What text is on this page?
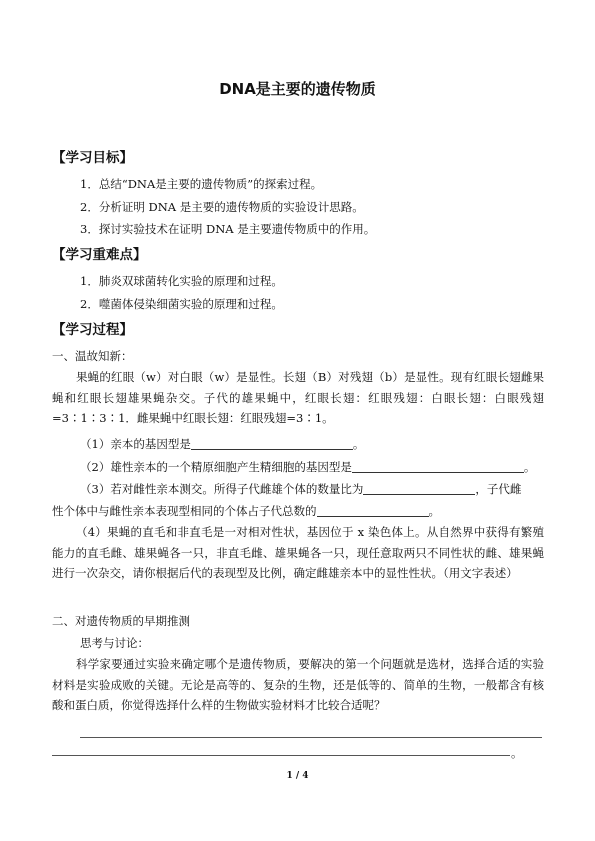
DNA是主要的遗传物质
【学习目标】
1．总结“DNA是主要的遗传物质”的探索过程。
2．分析证明 DNA 是主要的遗传物质的实验设计思路。
3．探讨实验技术在证明 DNA 是主要遗传物质中的作用。
【学习重难点】
1．肺炎双球菌转化实验的原理和过程。
2．噬菌体侵染细菌实验的原理和过程。
【学习过程】
一、温故知新：

果蝇的红眼（w）对白眼（w）是显性。长翅（B）对残翅（b）是显性。现有红眼长翅雌果蝇和红眼长翅雄果蝇杂交。子代的雄果蝇中，红眼长翅：红眼残翅：白眼长翅：白眼残翅=3∶1∶3∶1．雌果蝇中红眼长翅：红眼残翅=3∶1。

（1）亲本的基因型是	。
（2）雄性亲本的一个精原细胞产生精细胞的基因型是	。
（3）若对雌性亲本测交。所得子代雌雄个体的数量比为	，子代雌
性个体中与雌性亲本表现型相同的个体占子代总数的	。

（4）果蝇的直毛和非直毛是一对相对性状，基因位于 x 染色体上。从自然界中获得有繁殖能力的直毛雌、雄果蝇各一只，非直毛雌、雄果蝇各一只，现任意取两只不同性状的雌、雄果蝇进行一次杂交，请你根据后代的表现型及比例，确定雌雄亲本中的显性性状。（用文字表述）

二、对遗传物质的早期推测
思考与讨论：

科学家要通过实验来确定哪个是遗传物质，要解决的第一个问题就是选材，选择合适的实验材料是实验成败的关键。无论是高等的、复杂的生物，还是低等的、简单的生物，一般都含有核酸和蛋白质，你觉得选择什么样的生物做实验材料才比较合适呢？

。
1 / 4
